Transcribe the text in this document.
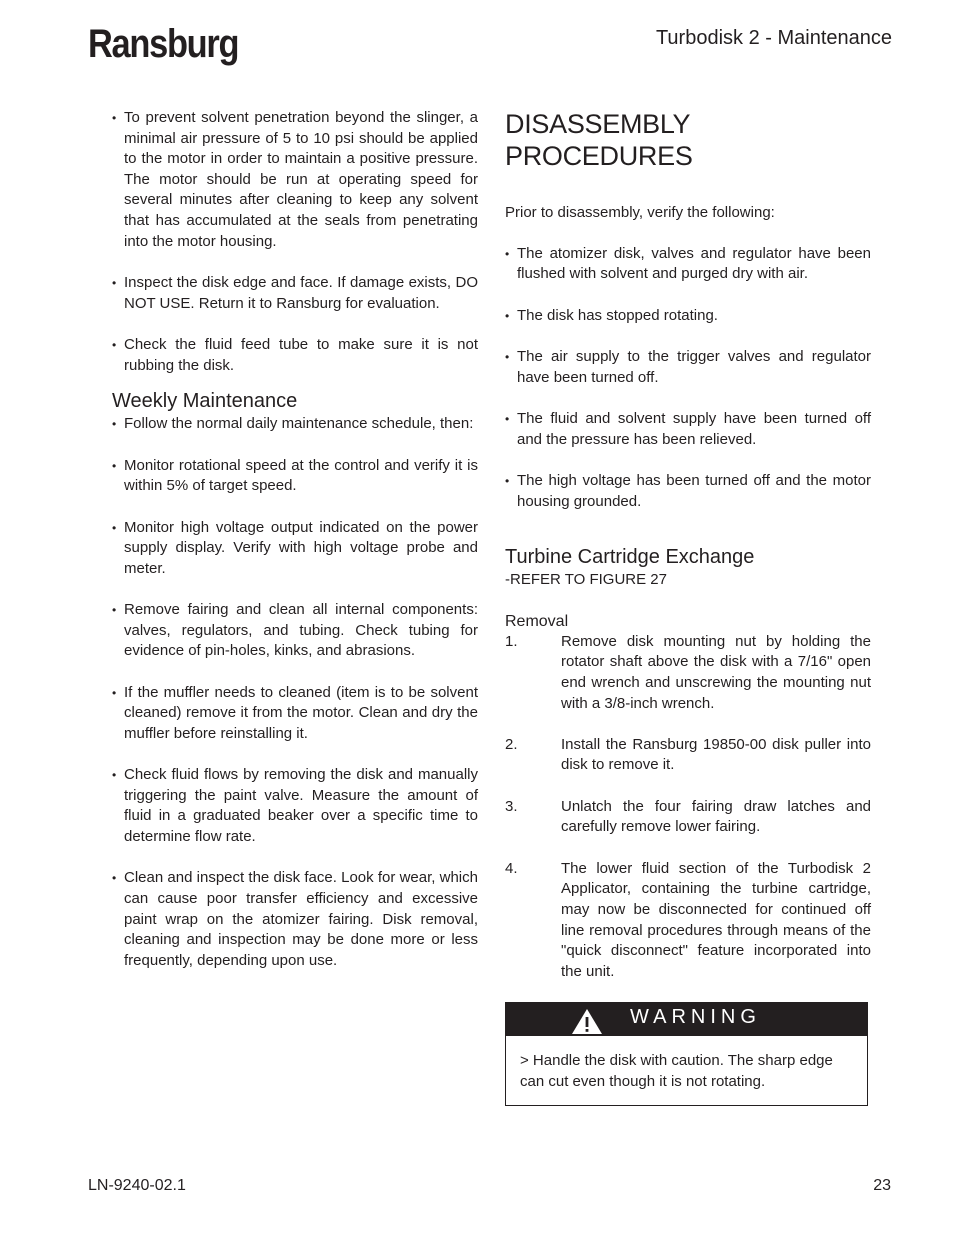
Ransburg	Turbodisk 2 - Maintenance
• To prevent solvent penetration beyond the slinger, a minimal air pressure of 5 to 10 psi should be applied to the motor in order to maintain a positive pressure. The motor should be run at operating speed for several minutes after cleaning to keep any solvent that has accumulated at the seals from penetrating into the motor housing.
• Inspect the disk edge and face. If damage exists, DO NOT USE. Return it to Ransburg for evaluation.
• Check the fluid feed tube to make sure it is not rubbing the disk.
Weekly Maintenance
• Follow the normal daily maintenance schedule, then:
• Monitor rotational speed at the control and verify it is within 5% of target speed.
• Monitor high voltage output indicated on the power supply display. Verify with high voltage probe and meter.
• Remove fairing and clean all internal components: valves, regulators, and tubing. Check tubing for evidence of pin-holes, kinks, and abrasions.
• If the muffler needs to cleaned (item is to be solvent cleaned) remove it from the motor. Clean and dry the muffler before reinstalling it.
• Check fluid flows by removing the disk and manually triggering the paint valve. Measure the amount of fluid in a graduated beaker over a specific time to determine flow rate.
• Clean and inspect the disk face. Look for wear, which can cause poor transfer efficiency and excessive paint wrap on the atomizer fairing. Disk removal, cleaning and inspection may be done more or less frequently, depending upon use.
DISASSEMBLY PROCEDURES

Prior to disassembly, verify the following:

• The atomizer disk, valves and regulator have been flushed with solvent and purged dry with air.
• The disk has stopped rotating.
• The air supply to the trigger valves and regulator have been turned off.
• The fluid and solvent supply have been turned off and the pressure has been relieved.
• The high voltage has been turned off and the motor housing grounded.
Turbine Cartridge Exchange

-REFER TO FIGURE 27

Removal
1.	Remove disk mounting nut by holding the rotator shaft above the disk with a 7/16" open end wrench and unscrewing the mounting nut with a 3/8-inch wrench.
2.	Install the Ransburg 19850-00 disk puller into disk to remove it.
3.	Unlatch the four fairing draw latches and carefully remove lower fairing.
4.	The lower fluid section of the Turbodisk 2 Applicator, containing the turbine cartridge, may now be disconnected for continued off line removal procedures through means of the "quick disconnect" feature incorporated into the unit.
WARNING
> Handle the disk with caution. The sharp edge can cut even though it is not rotating.
LN-9240-02.1	23
